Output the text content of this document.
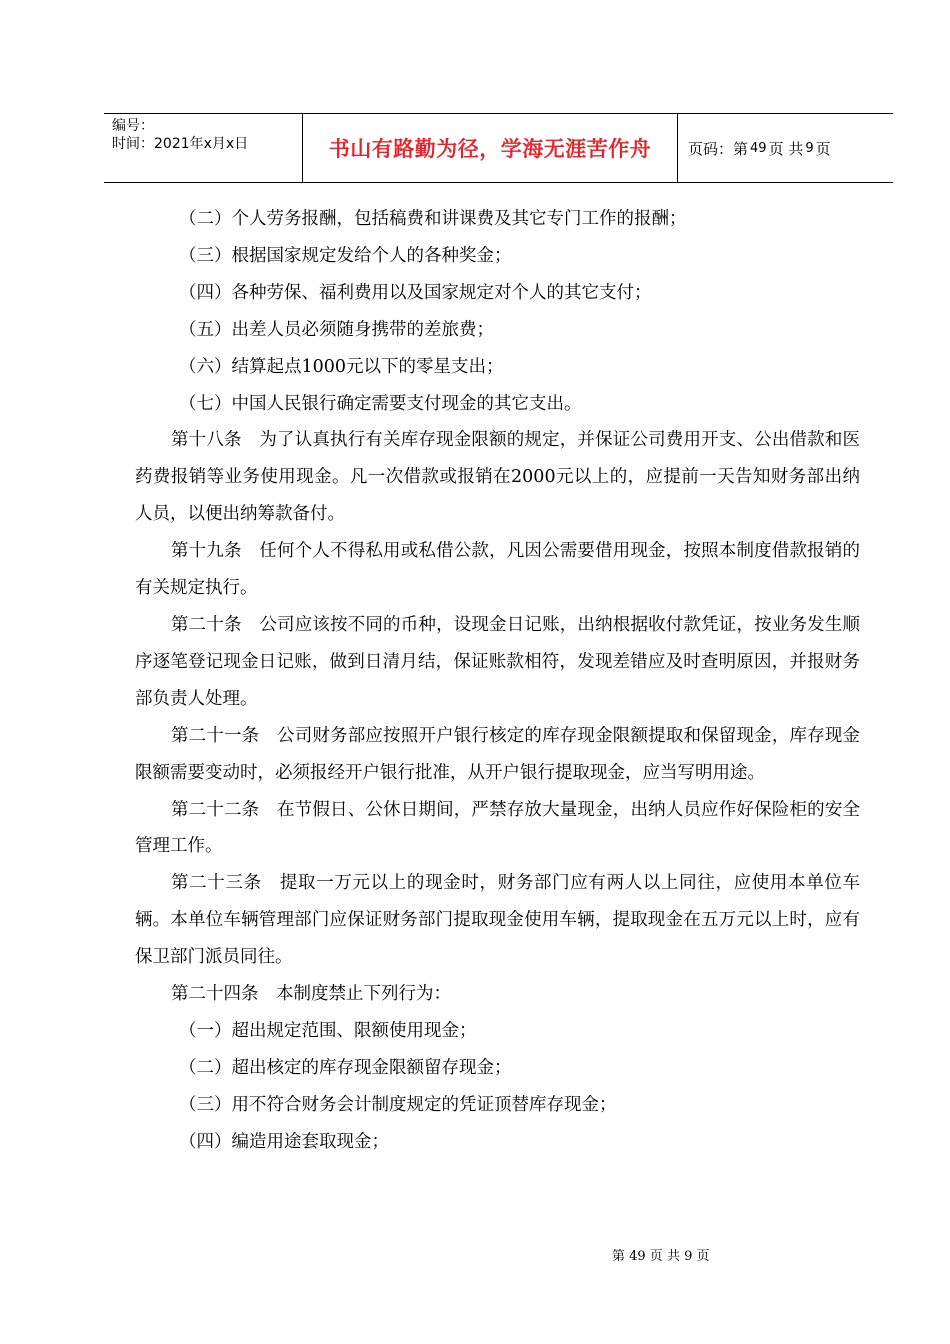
编号：
时间：2021年x月x日	书山有路勤为径，学海无涯苦作舟	页码：第 49 页 共 9 页

（二）个人劳务报酬，包括稿费和讲课费及其它专门工作的报酬；

（三）根据国家规定发给个人的各种奖金；

（四）各种劳保、福利费用以及国家规定对个人的其它支付；

（五）出差人员必须随身携带的差旅费；

（六）结算起点1000元以下的零星支出；

（七）中国人民银行确定需要支付现金的其它支出。

第十八条　为了认真执行有关库存现金限额的规定，并保证公司费用开支、公出借款和医药费报销等业务使用现金。凡一次借款或报销在2000元以上的，应提前一天告知财务部出纳人员，以便出纳筹款备付。

第十九条　任何个人不得私用或私借公款，凡因公需要借用现金，按照本制度借款报销的有关规定执行。

第二十条　公司应该按不同的币种，设现金日记账，出纳根据收付款凭证，按业务发生顺序逐笔登记现金日记账，做到日清月结，保证账款相符，发现差错应及时查明原因，并报财务部负责人处理。

第二十一条　公司财务部应按照开户银行核定的库存现金限额提取和保留现金，库存现金限额需要变动时，必须报经开户银行批准，从开户银行提取现金，应当写明用途。

第二十二条　在节假日、公休日期间，严禁存放大量现金，出纳人员应作好保险柜的安全管理工作。

第二十三条　提取一万元以上的现金时，财务部门应有两人以上同往，应使用本单位车辆。本单位车辆管理部门应保证财务部门提取现金使用车辆，提取现金在五万元以上时，应有保卫部门派员同往。

第二十四条　本制度禁止下列行为：

（一）超出规定范围、限额使用现金；

（二）超出核定的库存现金限额留存现金；

（三）用不符合财务会计制度规定的凭证顶替库存现金；

（四）编造用途套取现金；

第 49 页 共 9 页
